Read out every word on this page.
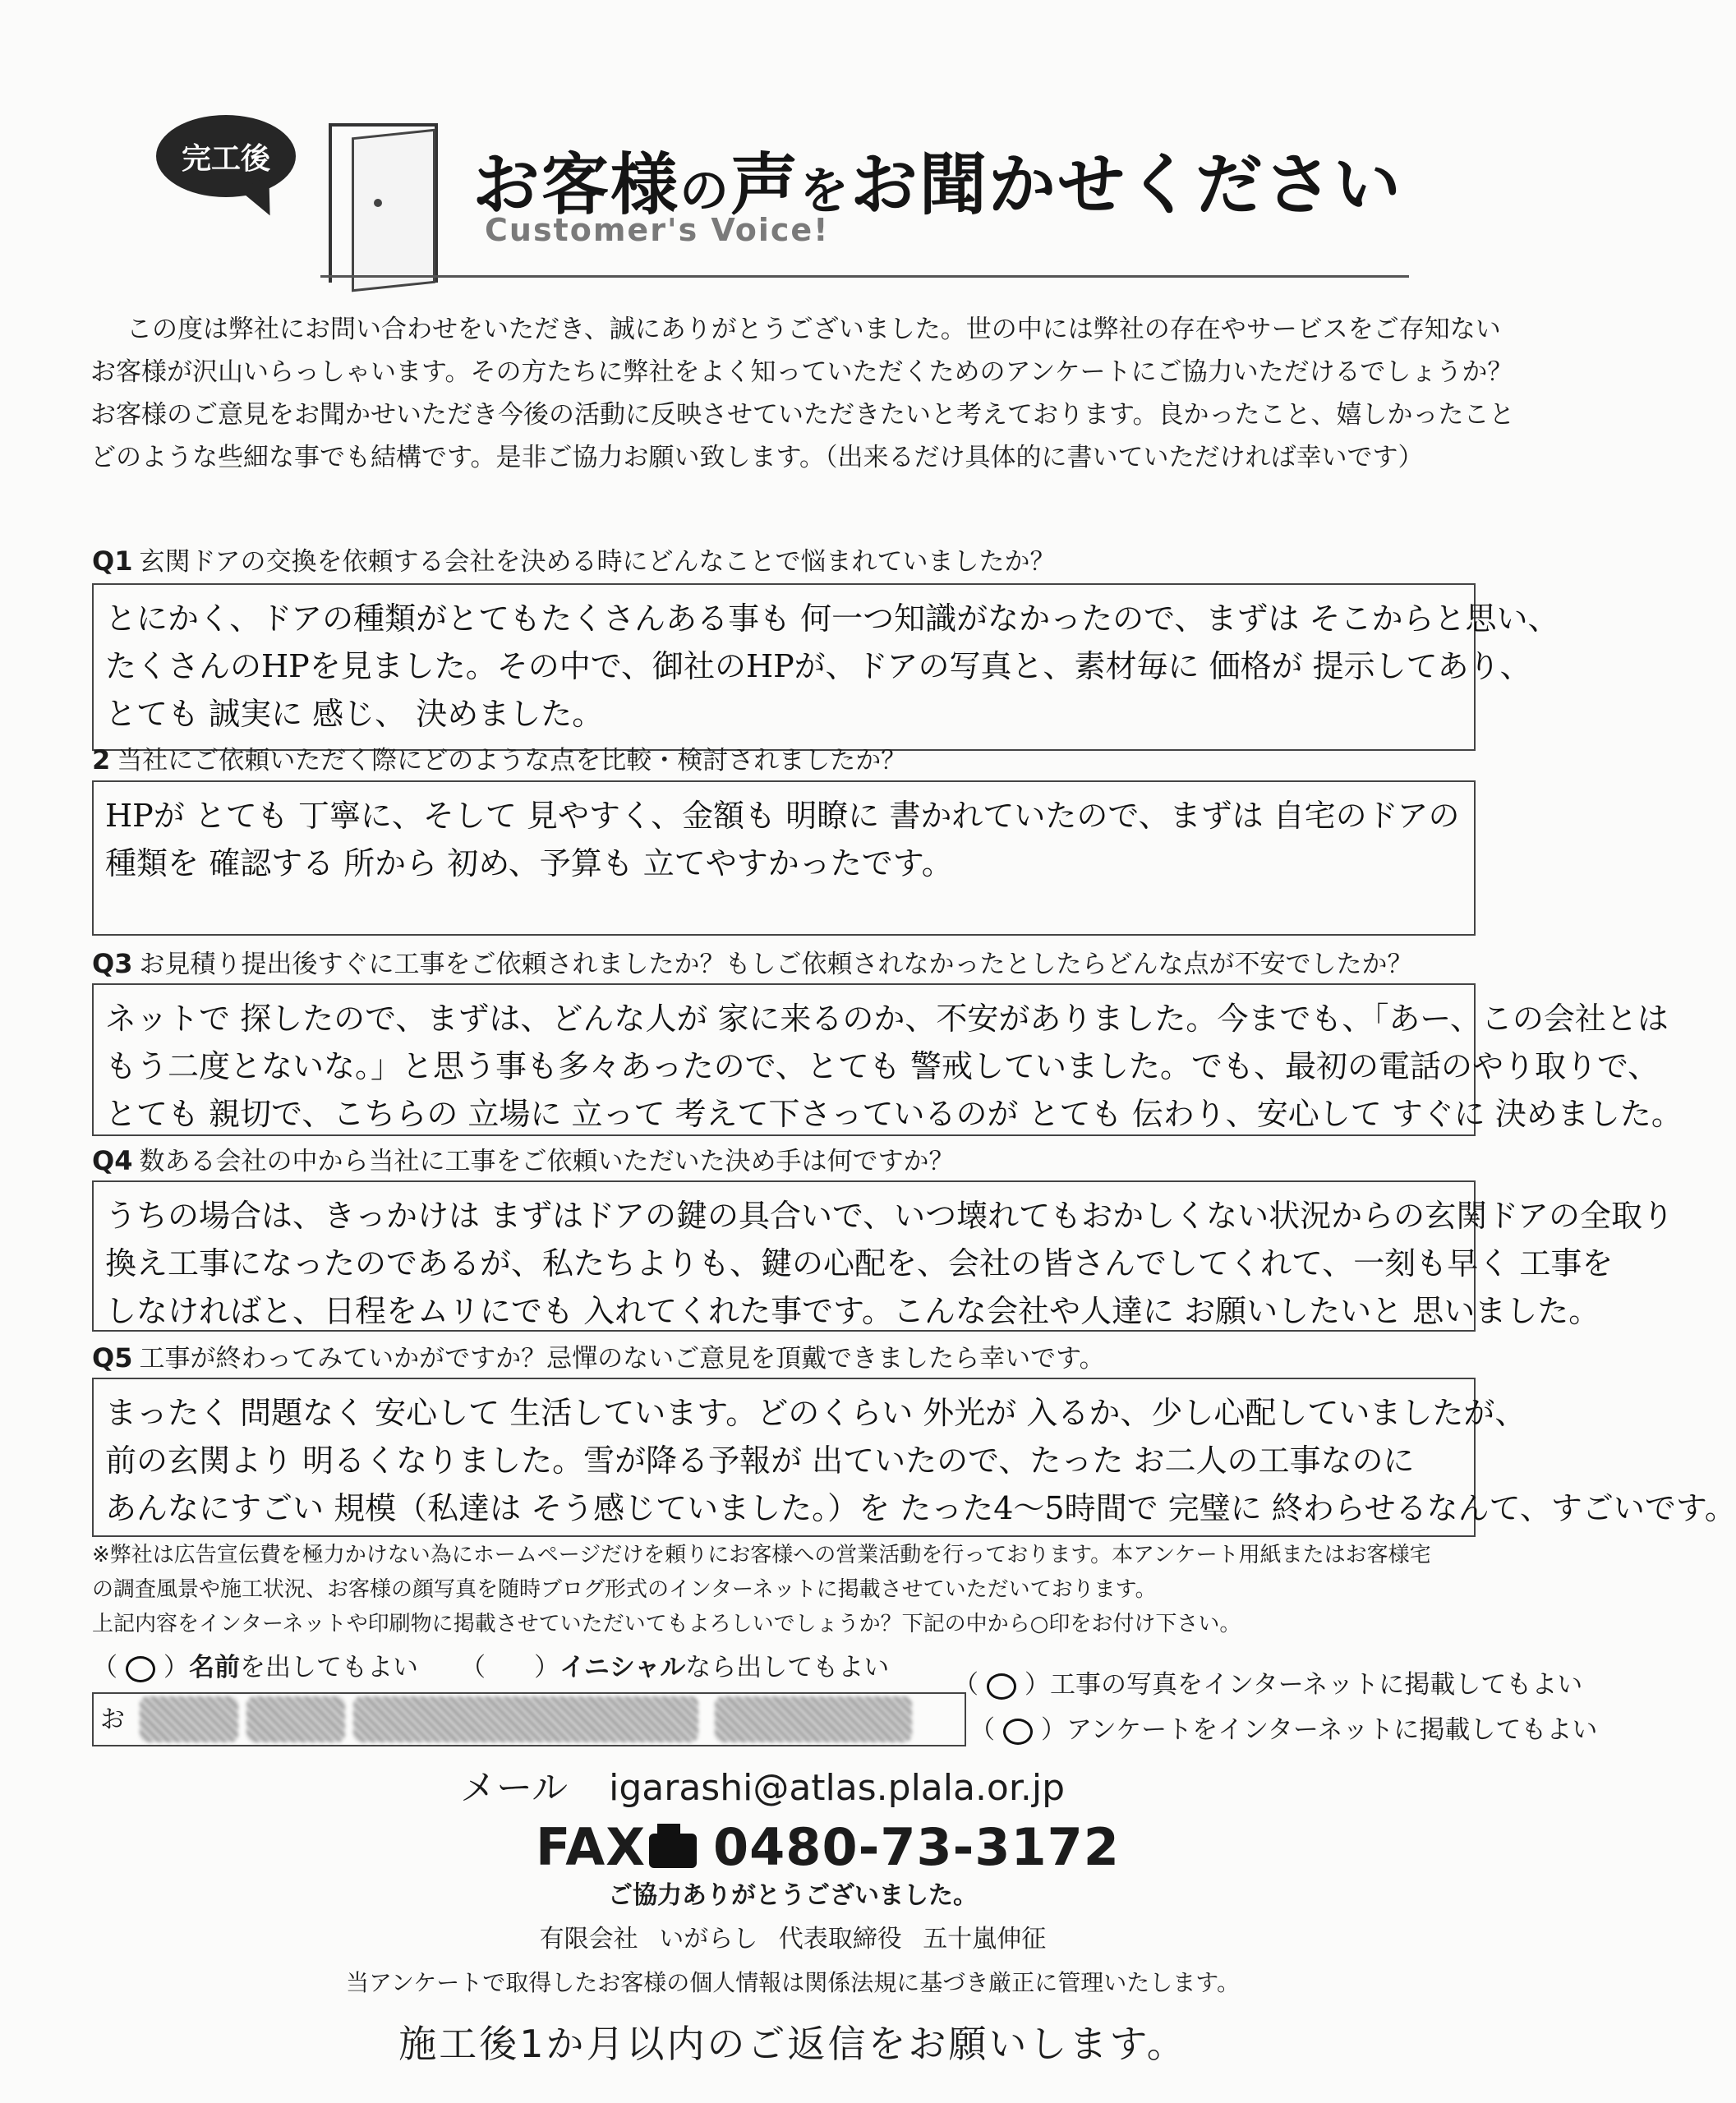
完工後	お客様の声をお聞かせください
Customer's Voice!
この度は弊社にお問い合わせをいただき、誠にありがとうございました。世の中には弊社の存在やサービスをご存知ない
お客様が沢山いらっしゃいます。その方たちに弊社をよく知っていただくためのアンケートにご協力いただけるでしょうか？
お客様のご意見をお聞かせいただき今後の活動に反映させていただきたいと考えております。良かったこと、嬉しかったこと
どのような些細な事でも結構です。是非ご協力お願い致します。（出来るだけ具体的に書いていただければ幸いです）
Q1 玄関ドアの交換を依頼する会社を決める時にどんなことで悩まれていましたか？
とにかく、ドアの種類がとてもたくさんある事も 何一つ知識がなかったので、まずは そこからと思い、
たくさんのHPを見ました。その中で、御社のHPが、ドアの写真と、素材毎に 価格が 提示してあり、
とても 誠実に 感じ、 決めました。
2 当社にご依頼いただく際にどのような点を比較・検討されましたか？
HPが とても 丁寧に、そして 見やすく、金額も 明瞭に 書かれていたので、まずは 自宅のドアの
種類を 確認する 所から 初め、予算も 立てやすかったです。
Q3 お見積り提出後すぐに工事をご依頼されましたか？もしご依頼されなかったとしたらどんな点が不安でしたか？
ネットで 探したので、まずは、どんな人が 家に来るのか、不安がありました。今までも、「あー、この会社とは
もう二度とないな。」と思う事も多々あったので、とても 警戒していました。でも、最初の電話のやり取りで、
とても 親切で、こちらの 立場に 立って 考えて下さっているのが とても 伝わり、安心して すぐに 決めました。
Q4 数ある会社の中から当社に工事をご依頼いただいた決め手は何ですか？
うちの場合は、きっかけは まずはドアの鍵の具合いで、いつ壊れてもおかしくない状況からの玄関ドアの全取り
換え工事になったのであるが、私たちよりも、鍵の心配を、会社の皆さんでしてくれて、一刻も早く 工事を
しなければと、日程をムリにでも 入れてくれた事です。こんな会社や人達に お願いしたいと 思いました。
Q5 工事が終わってみていかがですか？忌憚のないご意見を頂戴できましたら幸いです。
まったく 問題なく 安心して 生活しています。どのくらい 外光が 入るか、少し心配していましたが、
前の玄関より 明るくなりました。雪が降る予報が 出ていたので、たった お二人の工事なのに
あんなにすごい 規模（私達は そう感じていました。）を たった4〜5時間で 完璧に 終わらせるなんて、すごいです。
※弊社は広告宣伝費を極力かけない為にホームページだけを頼りにお客様への営業活動を行っております。本アンケート用紙またはお客様宅
の調査風景や施工状況、お客様の顔写真を随時ブログ形式のインターネットに掲載させていただいております。
上記内容をインターネットや印刷物に掲載させていただいてもよろしいでしょうか？下記の中から○印をお付け下さい。
（ ○ ）名前を出してもよい （      ）イニシャルなら出してもよい
（ ○ ）工事の写真をインターネットに掲載してもよい
（ ○ ）アンケートをインターネットに掲載してもよい
お
メール igarashi@atlas.plala.or.jp
FAX 0480-73-3172
ご協力ありがとうございました。
有限会社 いがらし 代表取締役 五十嵐伸征
当アンケートで取得したお客様の個人情報は関係法規に基づき厳正に管理いたします。
施工後1か月以内のご返信をお願いします。
